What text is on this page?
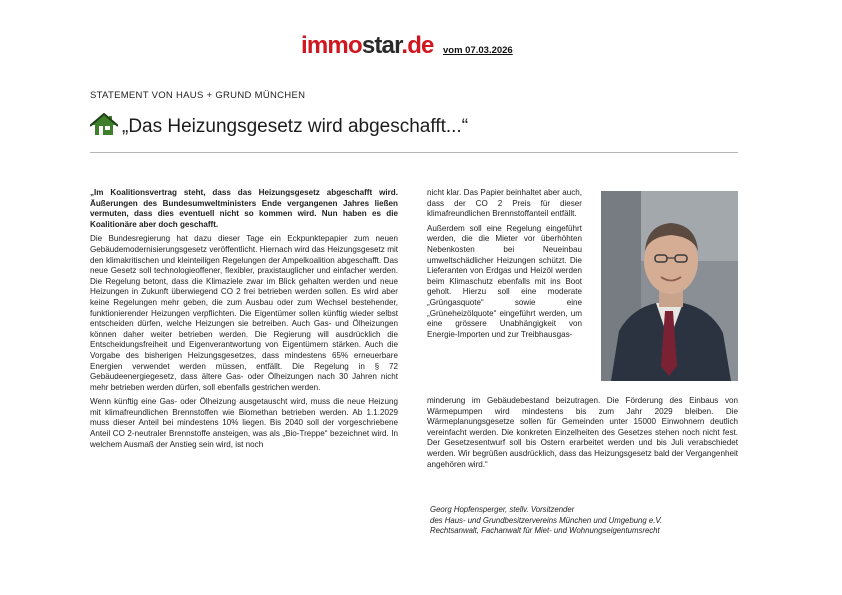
immostar.de vom 07.03.2026
STATEMENT VON HAUS + GRUND MÜNCHEN
„Das Heizungsgesetz wird abgeschafft...“

„Im Koalitionsvertrag steht, dass das Heizungsgesetz abgeschafft wird. Äußerungen des Bundesumweltministers Ende vergangenen Jahres ließen vermuten, dass dies eventuell nicht so kommen wird. Nun haben es die Koalitionäre aber doch geschafft.

Die Bundesregierung hat dazu dieser Tage ein Eckpunktepapier zum neuen Gebäudemodernisierungsgesetz veröffentlicht. Hiernach wird das Heizungsgesetz mit den klimakritischen und kleinteiligen Regelungen der Ampelkoalition abgeschafft. Das neue Gesetz soll technologieoffener, flexibler, praxistauglicher und einfacher werden. Die Regelung betont, dass die Klimaziele zwar im Blick gehalten werden und neue Heizungen in Zukunft überwiegend CO 2 frei betrieben werden sollen. Es wird aber keine Regelungen mehr geben, die zum Ausbau oder zum Wechsel bestehender, funktionierender Heizungen verpflichten. Die Eigentümer sollen künftig wieder selbst entscheiden dürfen, welche Heizungen sie betreiben. Auch Gas- und Ölheizungen können daher weiter betrieben werden. Die Regierung will ausdrücklich die Entscheidungsfreiheit und Eigenverantwortung von Eigentümern stärken. Auch die Vorgabe des bisherigen Heizungsgesetzes, dass mindestens 65% erneuerbare Energien verwendet werden müssen, entfällt. Die Regelung in § 72 Gebäudeenergiegesetz, dass ältere Gas- oder Ölheizungen nach 30 Jahren nicht mehr betrieben werden dürfen, soll ebenfalls gestrichen werden.

Wenn künftig eine Gas- oder Ölheizung ausgetauscht wird, muss die neue Heizung mit klimafreundlichen Brennstoffen wie Biomethan betrieben werden. Ab 1.1.2029 muss dieser Anteil bei mindestens 10% liegen. Bis 2040 soll der vorgeschriebene Anteil CO 2-neutraler Brennstoffe ansteigen, was als „Bio-Treppe“ bezeichnet wird. In welchem Ausmaß der Anstieg sein wird, ist noch

nicht klar. Das Papier beinhaltet aber auch, dass der CO 2 Preis für dieser klimafreundlichen Brennstoffanteil entfällt.

Außerdem soll eine Regelung eingeführt werden, die die Mieter vor überhöhten Nebenkosten bei Neueinbau umweltschädlicher Heizungen schützt. Die Lieferanten von Erdgas und Heizöl werden beim Klimaschutz ebenfalls mit ins Boot geholt. Hierzu soll eine moderate „Grüngasquote“ sowie eine „Grüneheizölquote“ eingeführt werden, um eine grössere Unabhängigkeit von Energie-Importen und zur Treibhausgas-

minderung im Gebäudebestand beizutragen. Die Förderung des Einbaus von Wärmepumpen wird mindestens bis zum Jahr 2029 bleiben. Die Wärmeplanungsgesetze sollen für Gemeinden unter 15000 Einwohnern deutlich vereinfacht werden. Die konkreten Einzelheiten des Gesetzes stehen noch nicht fest. Der Gesetzesentwurf soll bis Ostern erarbeitet werden und bis Juli verabschiedet werden. Wir begrüßen ausdrücklich, dass das Heizungsgesetz bald der Vergangenheit angehören wird.“

Georg Hopfensperger, stellv. Vorsitzender
des Haus- und Grundbesitzervereins München und Umgebung e.V.
Rechtsanwalt, Fachanwalt für Miet- und Wohnungseigentumsrecht
